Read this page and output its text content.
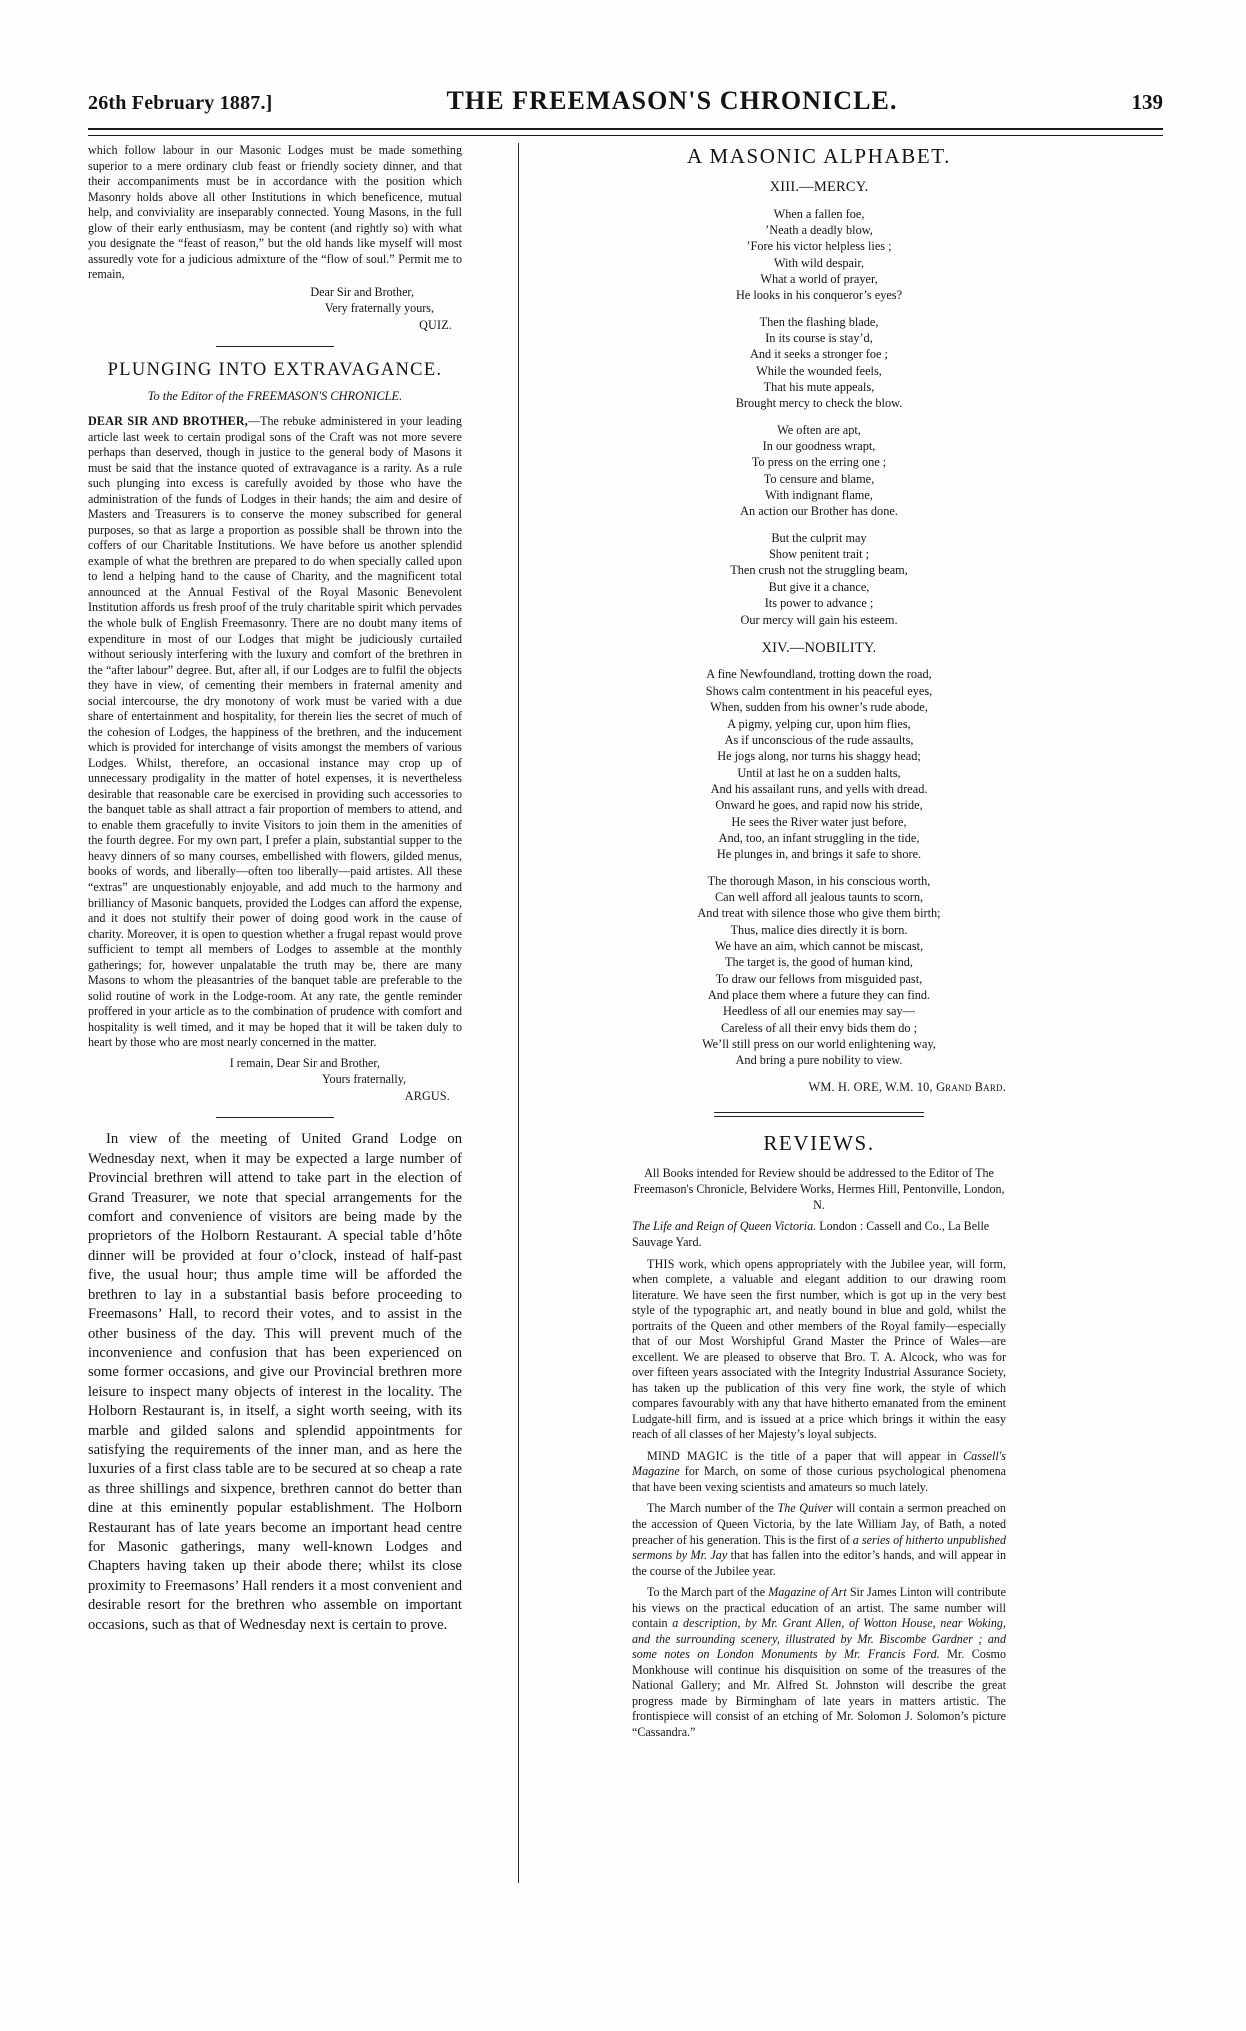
26th February 1887.]	THE FREEMASON'S CHRONICLE.	139

which follow labour in our Masonic Lodges must be made something superior to a mere ordinary club feast or friendly society dinner, and that their accompaniments must be in accordance with the position which Masonry holds above all other Institutions in which beneficence, mutual help, and conviviality are inseparably connected. Young Masons, in the full glow of their early enthusiasm, may be content (and rightly so) with what you designate the “feast of reason,” but the old hands like myself will most assuredly vote for a judicious admixture of the “flow of soul.” Permit me to remain,

Dear Sir and Brother,

Very fraternally yours,

QUIZ.

PLUNGING INTO EXTRAVAGANCE.
To the Editor of the FREEMASON'S CHRONICLE.

DEAR SIR AND BROTHER,—The rebuke administered in your leading article last week to certain prodigal sons of the Craft was not more severe perhaps than deserved, though in justice to the general body of Masons it must be said that the instance quoted of extravagance is a rarity. As a rule such plunging into excess is carefully avoided by those who have the administration of the funds of Lodges in their hands; the aim and desire of Masters and Treasurers is to conserve the money subscribed for general purposes, so that as large a proportion as possible shall be thrown into the coffers of our Charitable Institutions. We have before us another splendid example of what the brethren are prepared to do when specially called upon to lend a helping hand to the cause of Charity, and the magnificent total announced at the Annual Festival of the Royal Masonic Benevolent Institution affords us fresh proof of the truly charitable spirit which pervades the whole bulk of English Freemasonry. There are no doubt many items of expenditure in most of our Lodges that might be judiciously curtailed without seriously interfering with the luxury and comfort of the brethren in the “after labour” degree. But, after all, if our Lodges are to fulfil the objects they have in view, of cementing their members in fraternal amenity and social intercourse, the dry monotony of work must be varied with a due share of entertainment and hospitality, for therein lies the secret of much of the cohesion of Lodges, the happiness of the brethren, and the inducement which is provided for interchange of visits amongst the members of various Lodges. Whilst, therefore, an occasional instance may crop up of unnecessary prodigality in the matter of hotel expenses, it is nevertheless desirable that reasonable care be exercised in providing such accessories to the banquet table as shall attract a fair proportion of members to attend, and to enable them gracefully to invite Visitors to join them in the amenities of the fourth degree. For my own part, I prefer a plain, substantial supper to the heavy dinners of so many courses, embellished with flowers, gilded menus, books of words, and liberally—often too liberally—paid artistes. All these “extras” are unquestionably enjoyable, and add much to the harmony and brilliancy of Masonic banquets, provided the Lodges can afford the expense, and it does not stultify their power of doing good work in the cause of charity. Moreover, it is open to question whether a frugal repast would prove sufficient to tempt all members of Lodges to assemble at the monthly gatherings; for, however unpalatable the truth may be, there are many Masons to whom the pleasantries of the banquet table are preferable to the solid routine of work in the Lodge-room. At any rate, the gentle reminder proffered in your article as to the combination of prudence with comfort and hospitality is well timed, and it may be hoped that it will be taken duly to heart by those who are most nearly concerned in the matter.

I remain, Dear Sir and Brother,

Yours fraternally,

ARGUS.

In view of the meeting of United Grand Lodge on Wednesday next, when it may be expected a large number of Provincial brethren will attend to take part in the election of Grand Treasurer, we note that special arrangements for the comfort and convenience of visitors are being made by the proprietors of the Holborn Restaurant. A special table d’hôte dinner will be provided at four o’clock, instead of half-past five, the usual hour; thus ample time will be afforded the brethren to lay in a substantial basis before proceeding to Freemasons’ Hall, to record their votes, and to assist in the other business of the day. This will prevent much of the inconvenience and confusion that has been experienced on some former occasions, and give our Provincial brethren more leisure to inspect many objects of interest in the locality. The Holborn Restaurant is, in itself, a sight worth seeing, with its marble and gilded salons and splendid appointments for satisfying the requirements of the inner man, and as here the luxuries of a first class table are to be secured at so cheap a rate as three shillings and sixpence, brethren cannot do better than dine at this eminently popular establishment. The Holborn Restaurant has of late years become an important head centre for Masonic gatherings, many well-known Lodges and Chapters having taken up their abode there; whilst its close proximity to Freemasons’ Hall renders it a most convenient and desirable resort for the brethren who assemble on important occasions, such as that of Wednesday next is certain to prove.

A MASONIC ALPHABET.
XIII.—MERCY.
When a fallen foe,
’Neath a deadly blow,
’Fore his victor helpless lies ;
With wild despair,
What a world of prayer,
He looks in his conqueror’s eyes?
Then the flashing blade,
In its course is stay’d,
And it seeks a stronger foe ;
While the wounded feels,
That his mute appeals,
Brought mercy to check the blow.
We often are apt,
In our goodness wrapt,
To press on the erring one ;
To censure and blame,
With indignant flame,
An action our Brother has done.
But the culprit may
Show penitent trait ;
Then crush not the struggling beam,
But give it a chance,
Its power to advance ;
Our mercy will gain his esteem.
XIV.—NOBILITY.
A fine Newfoundland, trotting down the road,
Shows calm contentment in his peaceful eyes,
When, sudden from his owner’s rude abode,
A pigmy, yelping cur, upon him flies,
As if unconscious of the rude assaults,
He jogs along, nor turns his shaggy head;
Until at last he on a sudden halts,
And his assailant runs, and yells with dread.
Onward he goes, and rapid now his stride,
He sees the River water just before,
And, too, an infant struggling in the tide,
He plunges in, and brings it safe to shore.
The thorough Mason, in his conscious worth,
Can well afford all jealous taunts to scorn,
And treat with silence those who give them birth;
Thus, malice dies directly it is born.
We have an aim, which cannot be miscast,
The target is, the good of human kind,
To draw our fellows from misguided past,
And place them where a future they can find.
Heedless of all our enemies may say—
Careless of all their envy bids them do ;
We’ll still press on our world enlightening way,
And bring a pure nobility to view.
WM. H. ORE, W.M. 10, Grand Bard.
REVIEWS.

All Books intended for Review should be addressed to the Editor of The Freemason's Chronicle, Belvidere Works, Hermes Hill, Pentonville, London, N.

The Life and Reign of Queen Victoria. London : Cassell and Co., La Belle Sauvage Yard.

THIS work, which opens appropriately with the Jubilee year, will form, when complete, a valuable and elegant addition to our drawing room literature. We have seen the first number, which is got up in the very best style of the typographic art, and neatly bound in blue and gold, whilst the portraits of the Queen and other members of the Royal family—especially that of our Most Worshipful Grand Master the Prince of Wales—are excellent. We are pleased to observe that Bro. T. A. Alcock, who was for over fifteen years associated with the Integrity Industrial Assurance Society, has taken up the publication of this very fine work, the style of which compares favourably with any that have hitherto emanated from the eminent Ludgate-hill firm, and is issued at a price which brings it within the easy reach of all classes of her Majesty’s loyal subjects.

MIND MAGIC is the title of a paper that will appear in Cassell's Magazine for March, on some of those curious psychological phenomena that have been vexing scientists and amateurs so much lately.

The March number of the The Quiver will contain a sermon preached on the accession of Queen Victoria, by the late William Jay, of Bath, a noted preacher of his generation. This is the first of a series of hitherto unpublished sermons by Mr. Jay that has fallen into the editor’s hands, and will appear in the course of the Jubilee year.

To the March part of the Magazine of Art Sir James Linton will contribute his views on the practical education of an artist. The same number will contain a description, by Mr. Grant Allen, of Wotton House, near Woking, and the surrounding scenery, illustrated by Mr. Biscombe Gardner ; and some notes on London Monuments by Mr. Francis Ford. Mr. Cosmo Monkhouse will continue his disquisition on some of the treasures of the National Gallery; and Mr. Alfred St. Johnston will describe the great progress made by Birmingham of late years in matters artistic. The frontispiece will consist of an etching of Mr. Solomon J. Solomon’s picture “Cassandra.”
